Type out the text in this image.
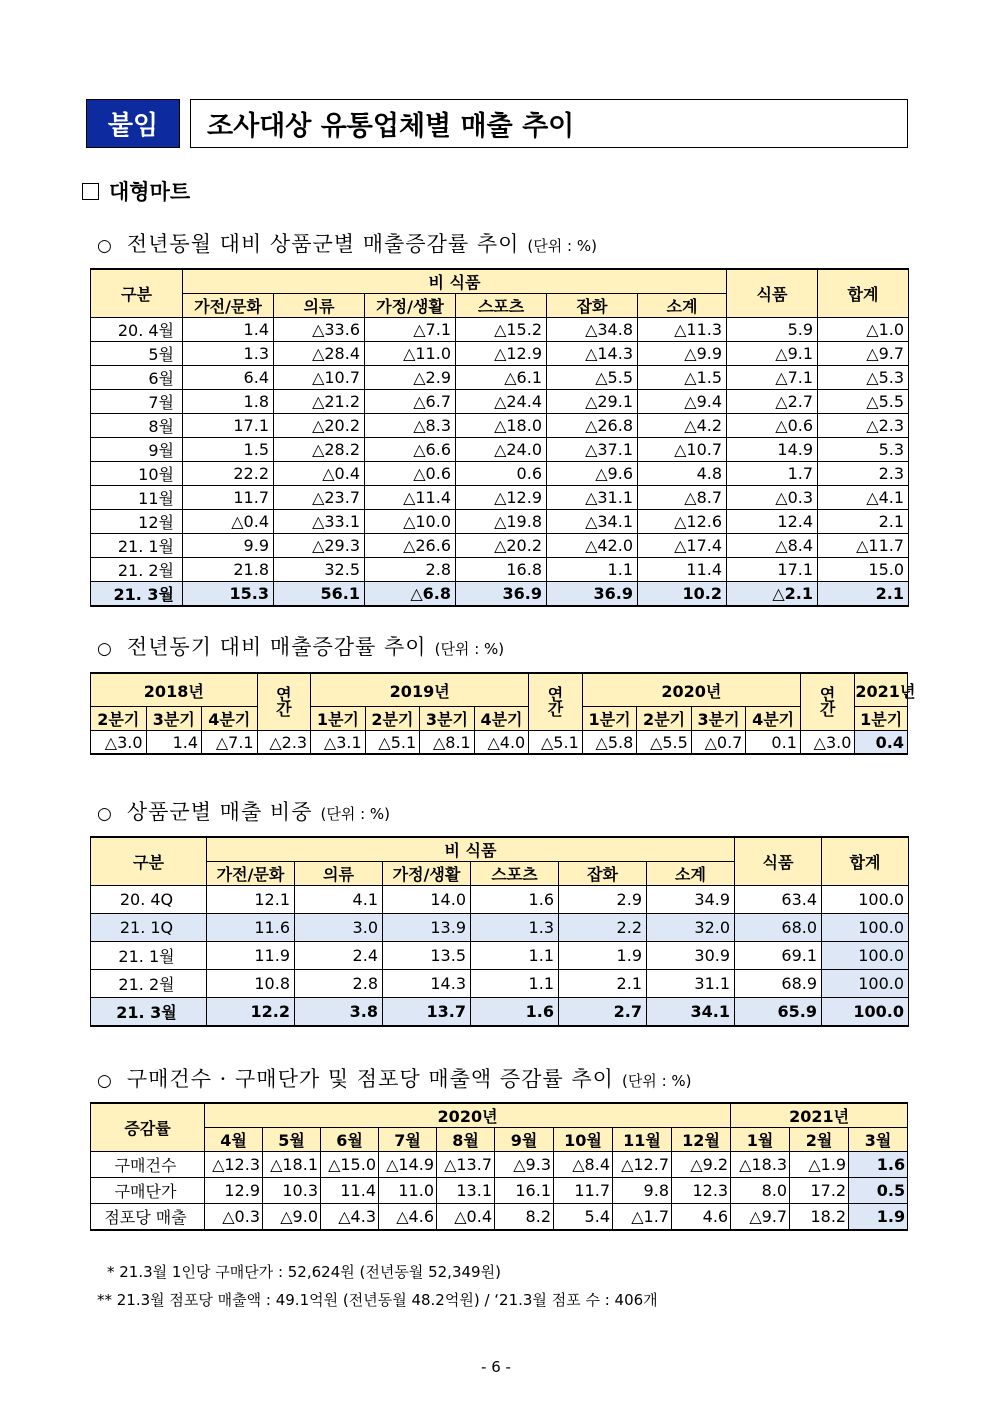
붙임	조사대상 유통업체별 매출 추이
대형마트
○ 전년동월 대비 상품군별 매출증감률 추이 (단위 : %)
구분	비 식품						식품	합계
	가전/문화	의류	가정/생활	스포츠	잡화	소계		
20. 4월	1.4	△33.6	△7.1	△15.2	△34.8	△11.3	5.9	△1.0
5월	1.3	△28.4	△11.0	△12.9	△14.3	△9.9	△9.1	△9.7
6월	6.4	△10.7	△2.9	△6.1	△5.5	△1.5	△7.1	△5.3
7월	1.8	△21.2	△6.7	△24.4	△29.1	△9.4	△2.7	△5.5
8월	17.1	△20.2	△8.3	△18.0	△26.8	△4.2	△0.6	△2.3
9월	1.5	△28.2	△6.6	△24.0	△37.1	△10.7	14.9	5.3
10월	22.2	△0.4	△0.6	0.6	△9.6	4.8	1.7	2.3
11월	11.7	△23.7	△11.4	△12.9	△31.1	△8.7	△0.3	△4.1
12월	△0.4	△33.1	△10.0	△19.8	△34.1	△12.6	12.4	2.1
21. 1월	9.9	△29.3	△26.6	△20.2	△42.0	△17.4	△8.4	△11.7
21. 2월	21.8	32.5	2.8	16.8	1.1	11.4	17.1	15.0
21. 3월	15.3	56.1	△6.8	36.9	36.9	10.2	△2.1	2.1
○ 전년동기 대비 매출증감률 추이 (단위 : %)
2018년			연간	2019년				연간	2020년				연간	2021년
2분기	3분기	4분기		1분기	2분기	3분기	4분기		1분기	2분기	3분기	4분기		1분기
△3.0	1.4	△7.1	△2.3	△3.1	△5.1	△8.1	△4.0	△5.1	△5.8	△5.5	△0.7	0.1	△3.0	0.4
○ 상품군별 매출 비중 (단위 : %)
구분	비 식품						식품	합계
	가전/문화	의류	가정/생활	스포츠	잡화	소계		
20. 4Q	12.1	4.1	14.0	1.6	2.9	34.9	63.4	100.0
21. 1Q	11.6	3.0	13.9	1.3	2.2	32.0	68.0	100.0
21. 1월	11.9	2.4	13.5	1.1	1.9	30.9	69.1	100.0
21. 2월	10.8	2.8	14.3	1.1	2.1	31.1	68.9	100.0
21. 3월	12.2	3.8	13.7	1.6	2.7	34.1	65.9	100.0
○ 구매건수 · 구매단가 및 점포당 매출액 증감률 추이 (단위 : %)
증감률	2020년									2021년		
	4월	5월	6월	7월	8월	9월	10월	11월	12월	1월	2월	3월
구매건수	△12.3	△18.1	△15.0	△14.9	△13.7	△9.3	△8.4	△12.7	△9.2	△18.3	△1.9	1.6
구매단가	12.9	10.3	11.4	11.0	13.1	16.1	11.7	9.8	12.3	8.0	17.2	0.5
점포당 매출	△0.3	△9.0	△4.3	△4.6	△0.4	8.2	5.4	△1.7	4.6	△9.7	18.2	1.9
* 21.3월 1인당 구매단가 : 52,624원 (전년동월 52,349원)
** 21.3월 점포당 매출액 : 49.1억원 (전년동월 48.2억원) / ‘21.3월 점포 수 : 406개
- 6 -
